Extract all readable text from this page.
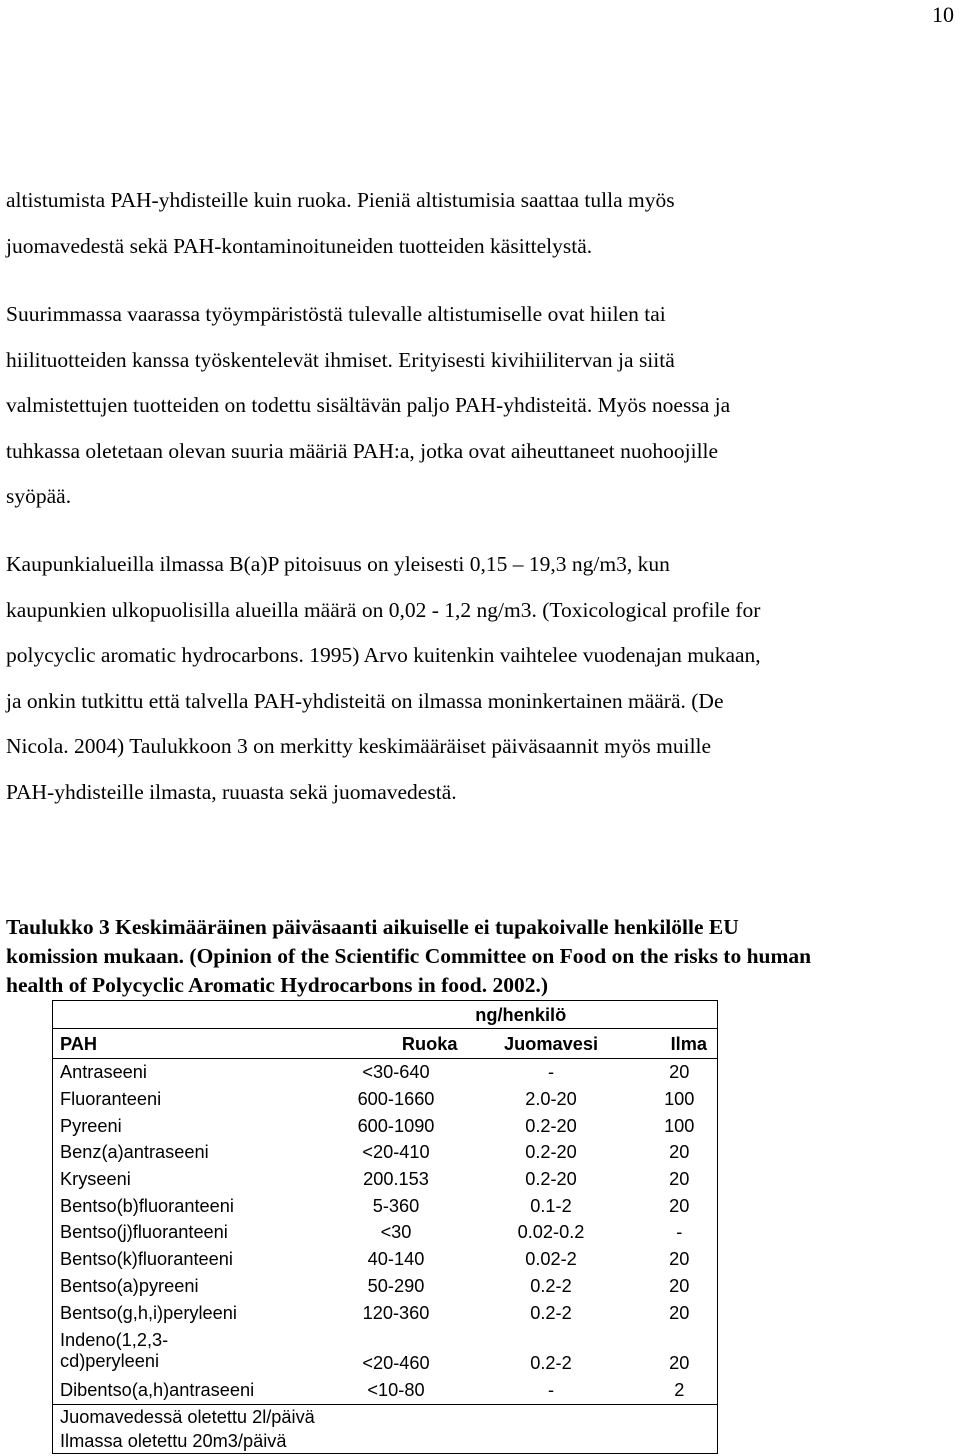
10

altistumista PAH-yhdisteille kuin ruoka. Pieniä altistumisia saattaa tulla myös
juomavedestä sekä PAH-kontaminoituneiden tuotteiden käsittelystä.

Suurimmassa vaarassa työympäristöstä tulevalle altistumiselle ovat hiilen tai
hiilituotteiden kanssa työskentelevät ihmiset. Erityisesti kivihiilitervan ja siitä
valmistettujen tuotteiden on todettu sisältävän paljo PAH-yhdisteitä. Myös noessa ja
tuhkassa oletetaan olevan suuria määriä PAH:a, jotka ovat aiheuttaneet nuohoojille
syöpää.

Kaupunkialueilla ilmassa B(a)P pitoisuus on yleisesti 0,15 – 19,3 ng/m3, kun
kaupunkien ulkopuolisilla alueilla määrä on 0,02 - 1,2 ng/m3. (Toxicological profile for
polycyclic aromatic hydrocarbons. 1995) Arvo kuitenkin vaihtelee vuodenajan mukaan,
ja onkin tutkittu että talvella PAH-yhdisteitä on ilmassa moninkertainen määrä. (De
Nicola. 2004) Taulukkoon 3 on merkitty keskimääräiset päiväsaannit myös muille
PAH-yhdisteille ilmasta, ruuasta sekä juomavedestä.

Taulukko 3 Keskimääräinen päiväsaanti aikuiselle ei tupakoivalle henkilölle EU
komission mukaan. (Opinion of the Scientific Committee on Food on the risks to human
health of Polycyclic Aromatic Hydrocarbons in food. 2002.)

	ng/henkilö		
PAH	Ruoka	Juomavesi	Ilma
Antraseeni	<30-640	-	20
Fluoranteeni	600-1660	2.0-20	100
Pyreeni	600-1090	0.2-20	100
Benz(a)antraseeni	<20-410	0.2-20	20
Kryseeni	200.153	0.2-20	20
Bentso(b)fluoranteeni	5-360	0.1-2	20
Bentso(j)fluoranteeni	<30	0.02-0.2	-
Bentso(k)fluoranteeni	40-140	0.02-2	20
Bentso(a)pyreeni	50-290	0.2-2	20
Bentso(g,h,i)peryleeni	120-360	0.2-2	20

Indeno(1,2,3-
cd)peryleeni	<20-460	0.2-2	20
Dibentso(a,h)antraseeni	<10-80	-	2
Juomavedessä oletettu 2l/päivä			
Ilmassa oletettu 20m3/päivä			
